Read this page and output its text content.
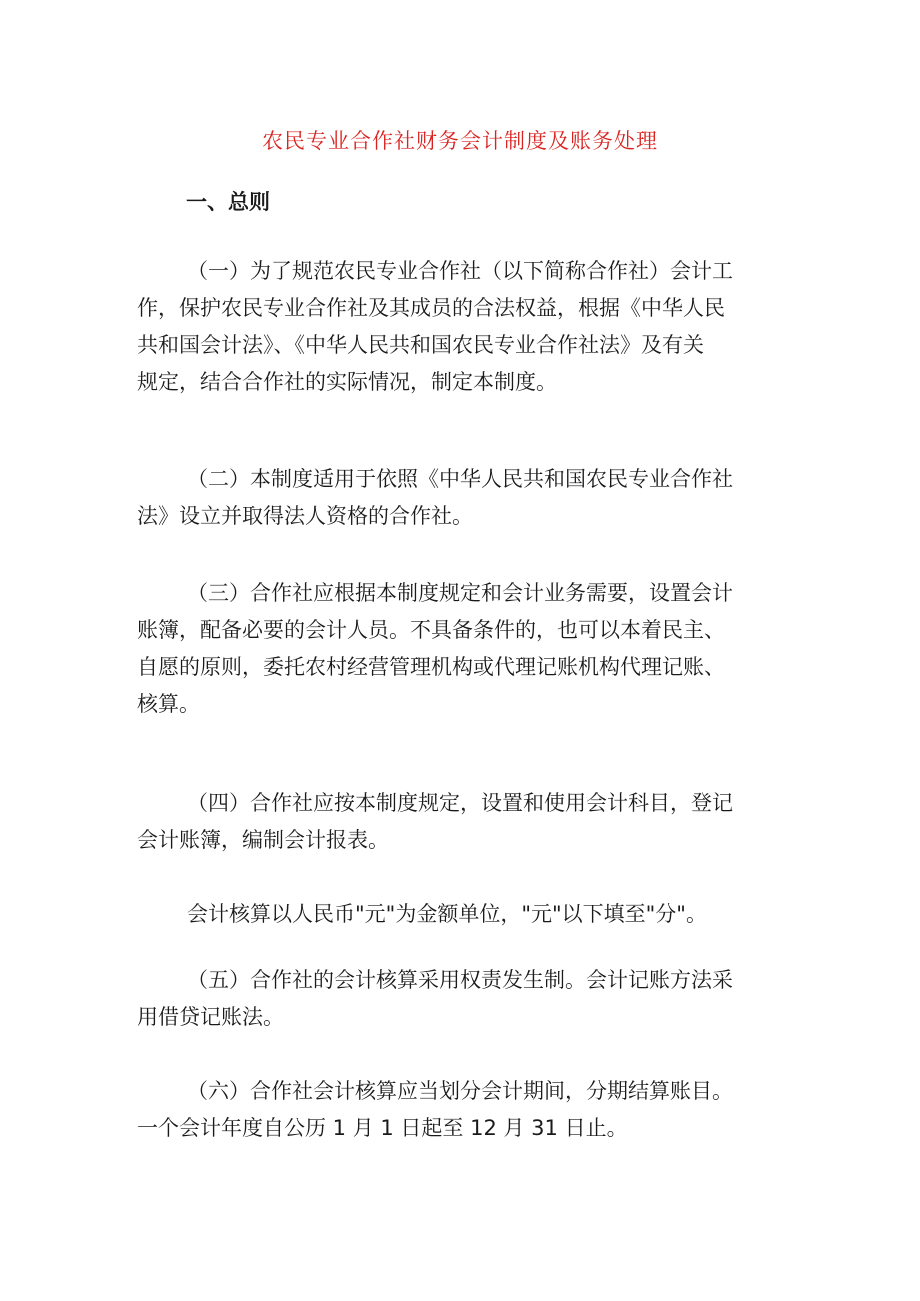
农民专业合作社财务会计制度及账务处理
一、总则

（一）为了规范农民专业合作社（以下简称合作社）会计工
作，保护农民专业合作社及其成员的合法权益，根据《中华人民
共和国会计法》、《中华人民共和国农民专业合作社法》及有关
规定，结合合作社的实际情况，制定本制度。

（二）本制度适用于依照《中华人民共和国农民专业合作社
法》设立并取得法人资格的合作社。

（三）合作社应根据本制度规定和会计业务需要，设置会计
账簿，配备必要的会计人员。不具备条件的，也可以本着民主、
自愿的原则，委托农村经营管理机构或代理记账机构代理记账、
核算。

（四）合作社应按本制度规定，设置和使用会计科目，登记
会计账簿，编制会计报表。

会计核算以人民币"元"为金额单位，"元"以下填至"分"。

（五）合作社的会计核算采用权责发生制。会计记账方法采
用借贷记账法。

（六）合作社会计核算应当划分会计期间，分期结算账目。
一个会计年度自公历 1 月 1 日起至 12 月 31 日止。
